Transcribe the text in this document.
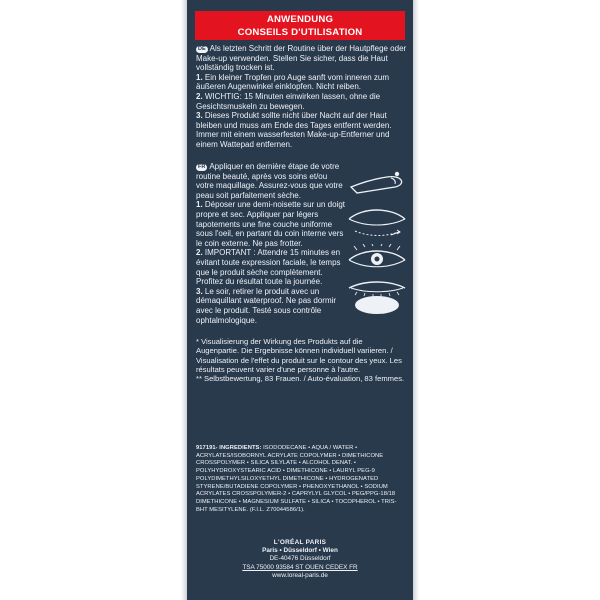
ANWENDUNG
CONSEILS D'UTILISATION

DE Als letzten Schritt der Routine über der Hautpflege oder Make-up verwenden. Stellen Sie sicher, dass die Haut vollständig trocken ist.

1. Ein kleiner Tropfen pro Auge sanft vom inneren zum äußeren Augenwinkel einklopfen. Nicht reiben.

2. WICHTIG: 15 Minuten einwirken lassen, ohne die Gesichtsmuskeln zu bewegen.

3. Dieses Produkt sollte nicht über Nacht auf der Haut bleiben und muss am Ende des Tages entfernt werden. Immer mit einem wasserfesten Make-up-Entferner und einem Wattepad entfernen.

FR Appliquer en dernière étape de votre routine beauté, après vos soins et/ou votre maquillage. Assurez-vous que votre peau soit parfaitement sèche.

1. Déposer une demi-noisette sur un doigt propre et sec. Appliquer par légers tapotements une fine couche uniforme sous l'oeil, en partant du coin interne vers le coin externe. Ne pas frotter.

2. IMPORTANT : Attendre 15 minutes en évitant toute expression faciale, le temps que le produit sèche complètement. Profitez du résultat toute la journée.

3. Le soir, retirer le produit avec un démaquillant waterproof. Ne pas dormir avec le produit. Testé sous contrôle ophtalmologique.

* Visualisierung der Wirkung des Produkts auf die Augenpartie. Die Ergebnisse können individuell variieren. / Visualisation de l'effet du produit sur le contour des yeux. Les résultats peuvent varier d'une personne à l'autre.

** Selbstbewertung, 83 Frauen. / Auto-évaluation, 83 femmes.

917191- INGREDIENTS: ISODODECANE • AQUA / WATER • ACRYLATES/ISOBORNYL ACRYLATE COPOLYMER • DIMETHICONE CROSSPOLYMER • SILICA SILYLATE • ALCOHOL DENAT. • POLYHYDROXYSTEARIC ACID • DIMETHICONE • LAURYL PEG-9 POLYDIMETHYLSILOXYETHYL DIMETHICONE • HYDROGENATED STYRENE/BUTADIENE COPOLYMER • PHENOXYETHANOL • SODIUM ACRYLATES CROSSPOLYMER-2 • CAPRYLYL GLYCOL • PEG/PPG-18/18 DIMETHICONE • MAGNESIUM SULFATE • SILICA • TOCOPHEROL • TRIS-BHT MESITYLENE. (F.I.L. Z70044586/1).
L'ORÉAL PARIS
Paris • Düsseldorf • Wien
DE-40476 Düsseldorf
TSA 75000 93584 ST OUEN CEDEX FR
www.loreal-paris.de
